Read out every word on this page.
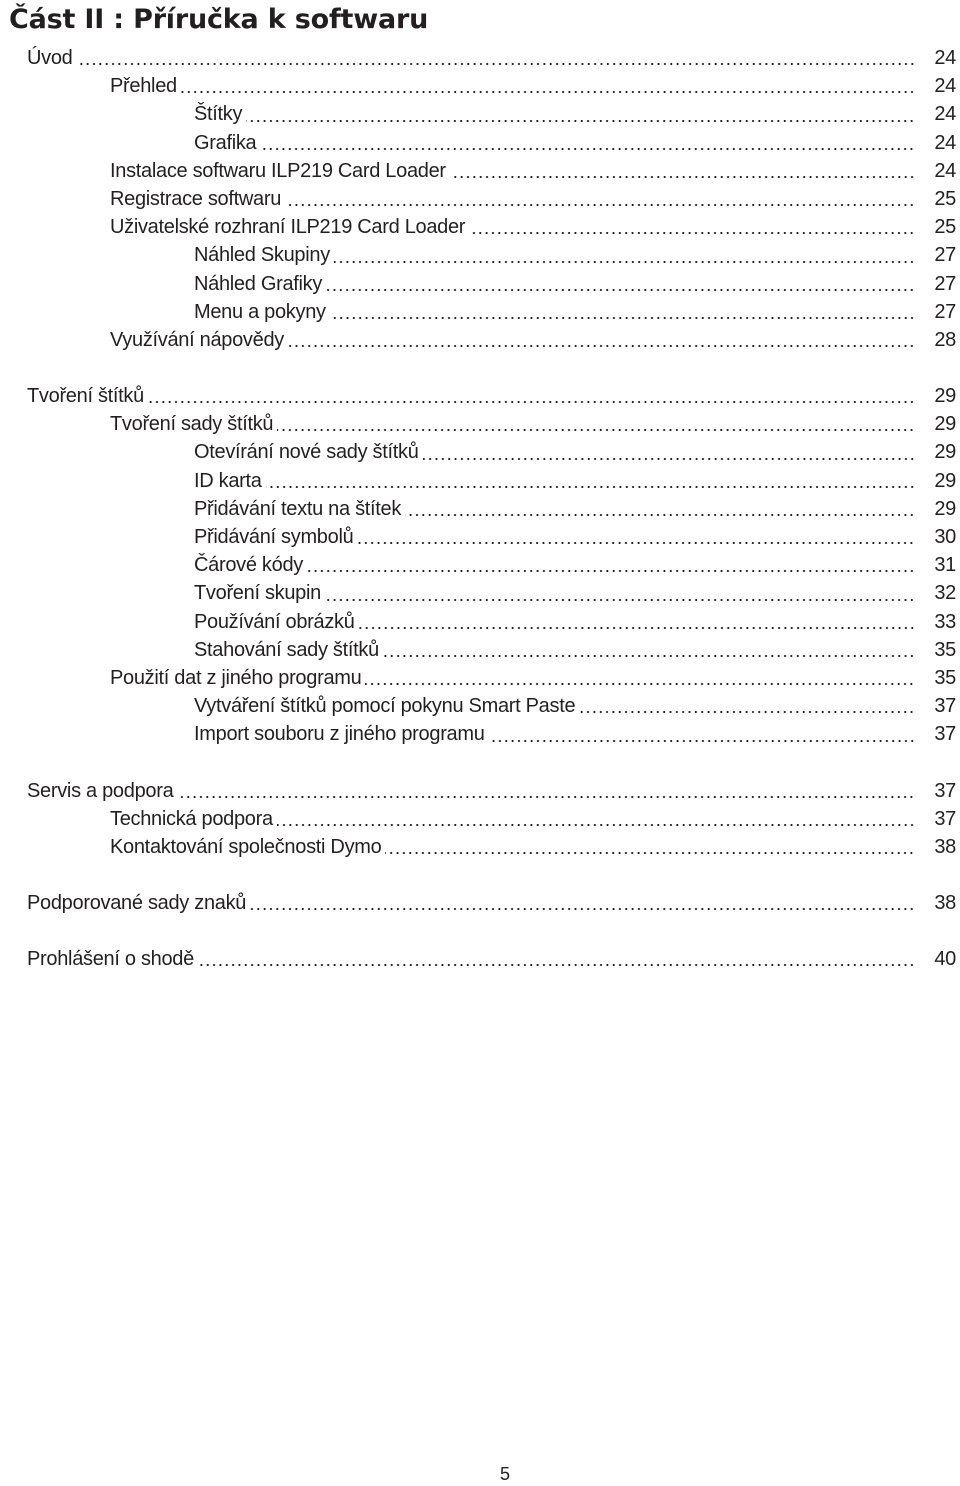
Část II : Příručka k softwaru
Úvod	24
Přehled	24
Štítky	24
Grafika	24
Instalace softwaru ILP219 Card Loader	24
Registrace softwaru	25
Uživatelské rozhraní ILP219 Card Loader	25
Náhled Skupiny	27
Náhled Grafiky	27
Menu a pokyny	27
Využívání nápovědy	28
Tvoření štítků	29
Tvoření sady štítků	29
Otevírání nové sady štítků	29
ID karta	29
Přidávání textu na štítek	29
Přidávání symbolů	30
Čárové kódy	31
Tvoření skupin	32
Používání obrázků	33
Stahování sady štítků	35
Použití dat z jiného programu	35
Vytváření štítků pomocí pokynu Smart Paste	37
Import souboru z jiného programu	37
Servis a podpora	37
Technická podpora	37
Kontaktování společnosti Dymo	38
Podporované sady znaků	38
Prohlášení o shodě	40
5
